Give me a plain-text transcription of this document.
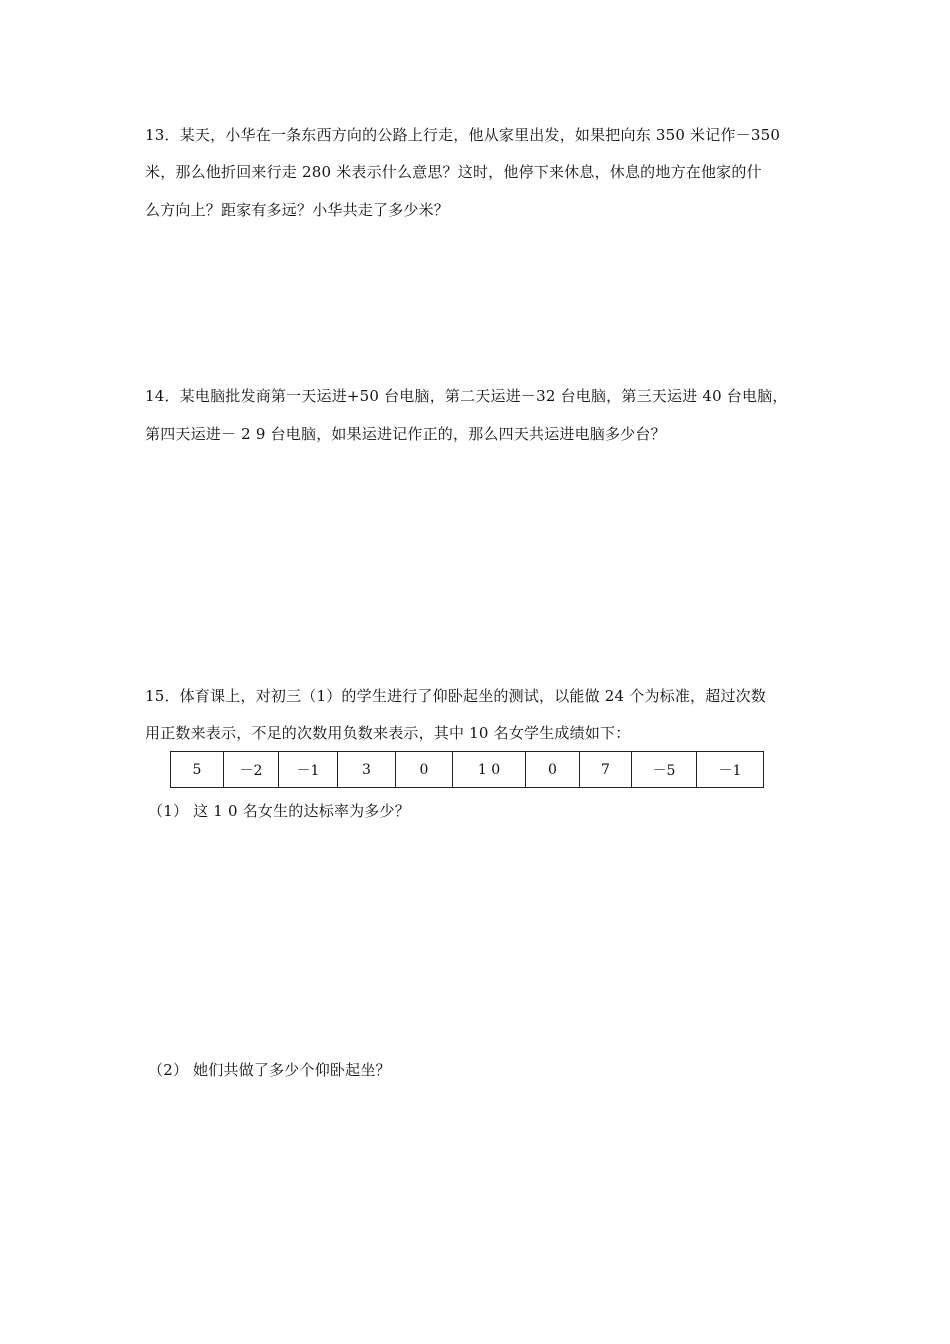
13．某天，小华在一条东西方向的公路上行走，他从家里出发，如果把向东 350 米记作－350
米，那么他折回来行走 280 米表示什么意思？这时，他停下来休息，休息的地方在他家的什
么方向上？距家有多远？小华共走了多少米？
14．某电脑批发商第一天运进+50 台电脑，第二天运进－32 台电脑，第三天运进 40 台电脑，
第四天运进－ 2 9 台电脑，如果运进记作正的，那么四天共运进电脑多少台？
15．体育课上，对初三（1）的学生进行了仰卧起坐的测试，以能做 24 个为标准，超过次数
用正数来表示，不足的次数用负数来表示，其中 10 名女学生成绩如下：
5	－2	－1	3	0	1 0	0	7	－5	－1
（1） 这 1 0 名女生的达标率为多少？
（2） 她们共做了多少个仰卧起坐？
